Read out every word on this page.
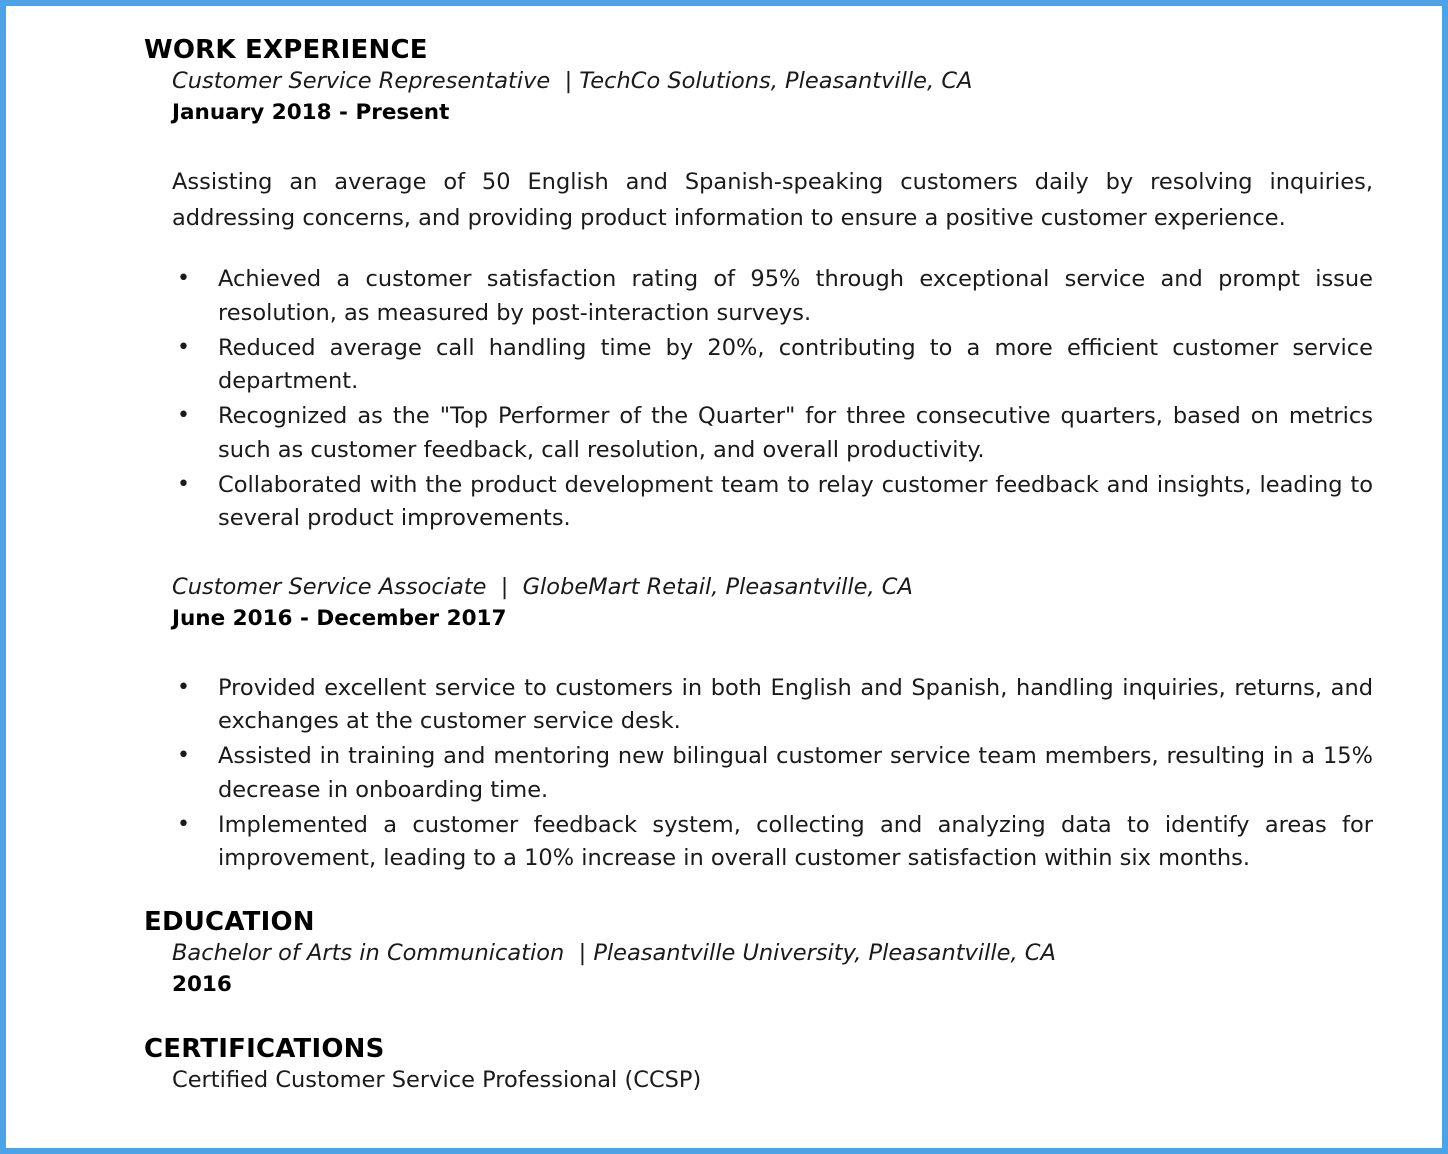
WORK EXPERIENCE

Customer Service Representative  | TechCo Solutions, Pleasantville, CA

January 2018 - Present

Assisting an average of 50 English and Spanish-speaking customers daily by resolving inquiries, addressing concerns, and providing product information to ensure a positive customer experience.

• Achieved a customer satisfaction rating of 95% through exceptional service and prompt issue resolution, as measured by post-interaction surveys.
• Reduced average call handling time by 20%, contributing to a more efficient customer service department.
• Recognized as the "Top Performer of the Quarter" for three consecutive quarters, based on metrics such as customer feedback, call resolution, and overall productivity.
• Collaborated with the product development team to relay customer feedback and insights, leading to several product improvements.

Customer Service Associate  |  GlobeMart Retail, Pleasantville, CA

June 2016 - December 2017

• Provided excellent service to customers in both English and Spanish, handling inquiries, returns, and exchanges at the customer service desk.
• Assisted in training and mentoring new bilingual customer service team members, resulting in a 15% decrease in onboarding time.
• Implemented a customer feedback system, collecting and analyzing data to identify areas for improvement, leading to a 10% increase in overall customer satisfaction within six months.
EDUCATION

Bachelor of Arts in Communication  | Pleasantville University, Pleasantville, CA

2016

CERTIFICATIONS

Certified Customer Service Professional (CCSP)
